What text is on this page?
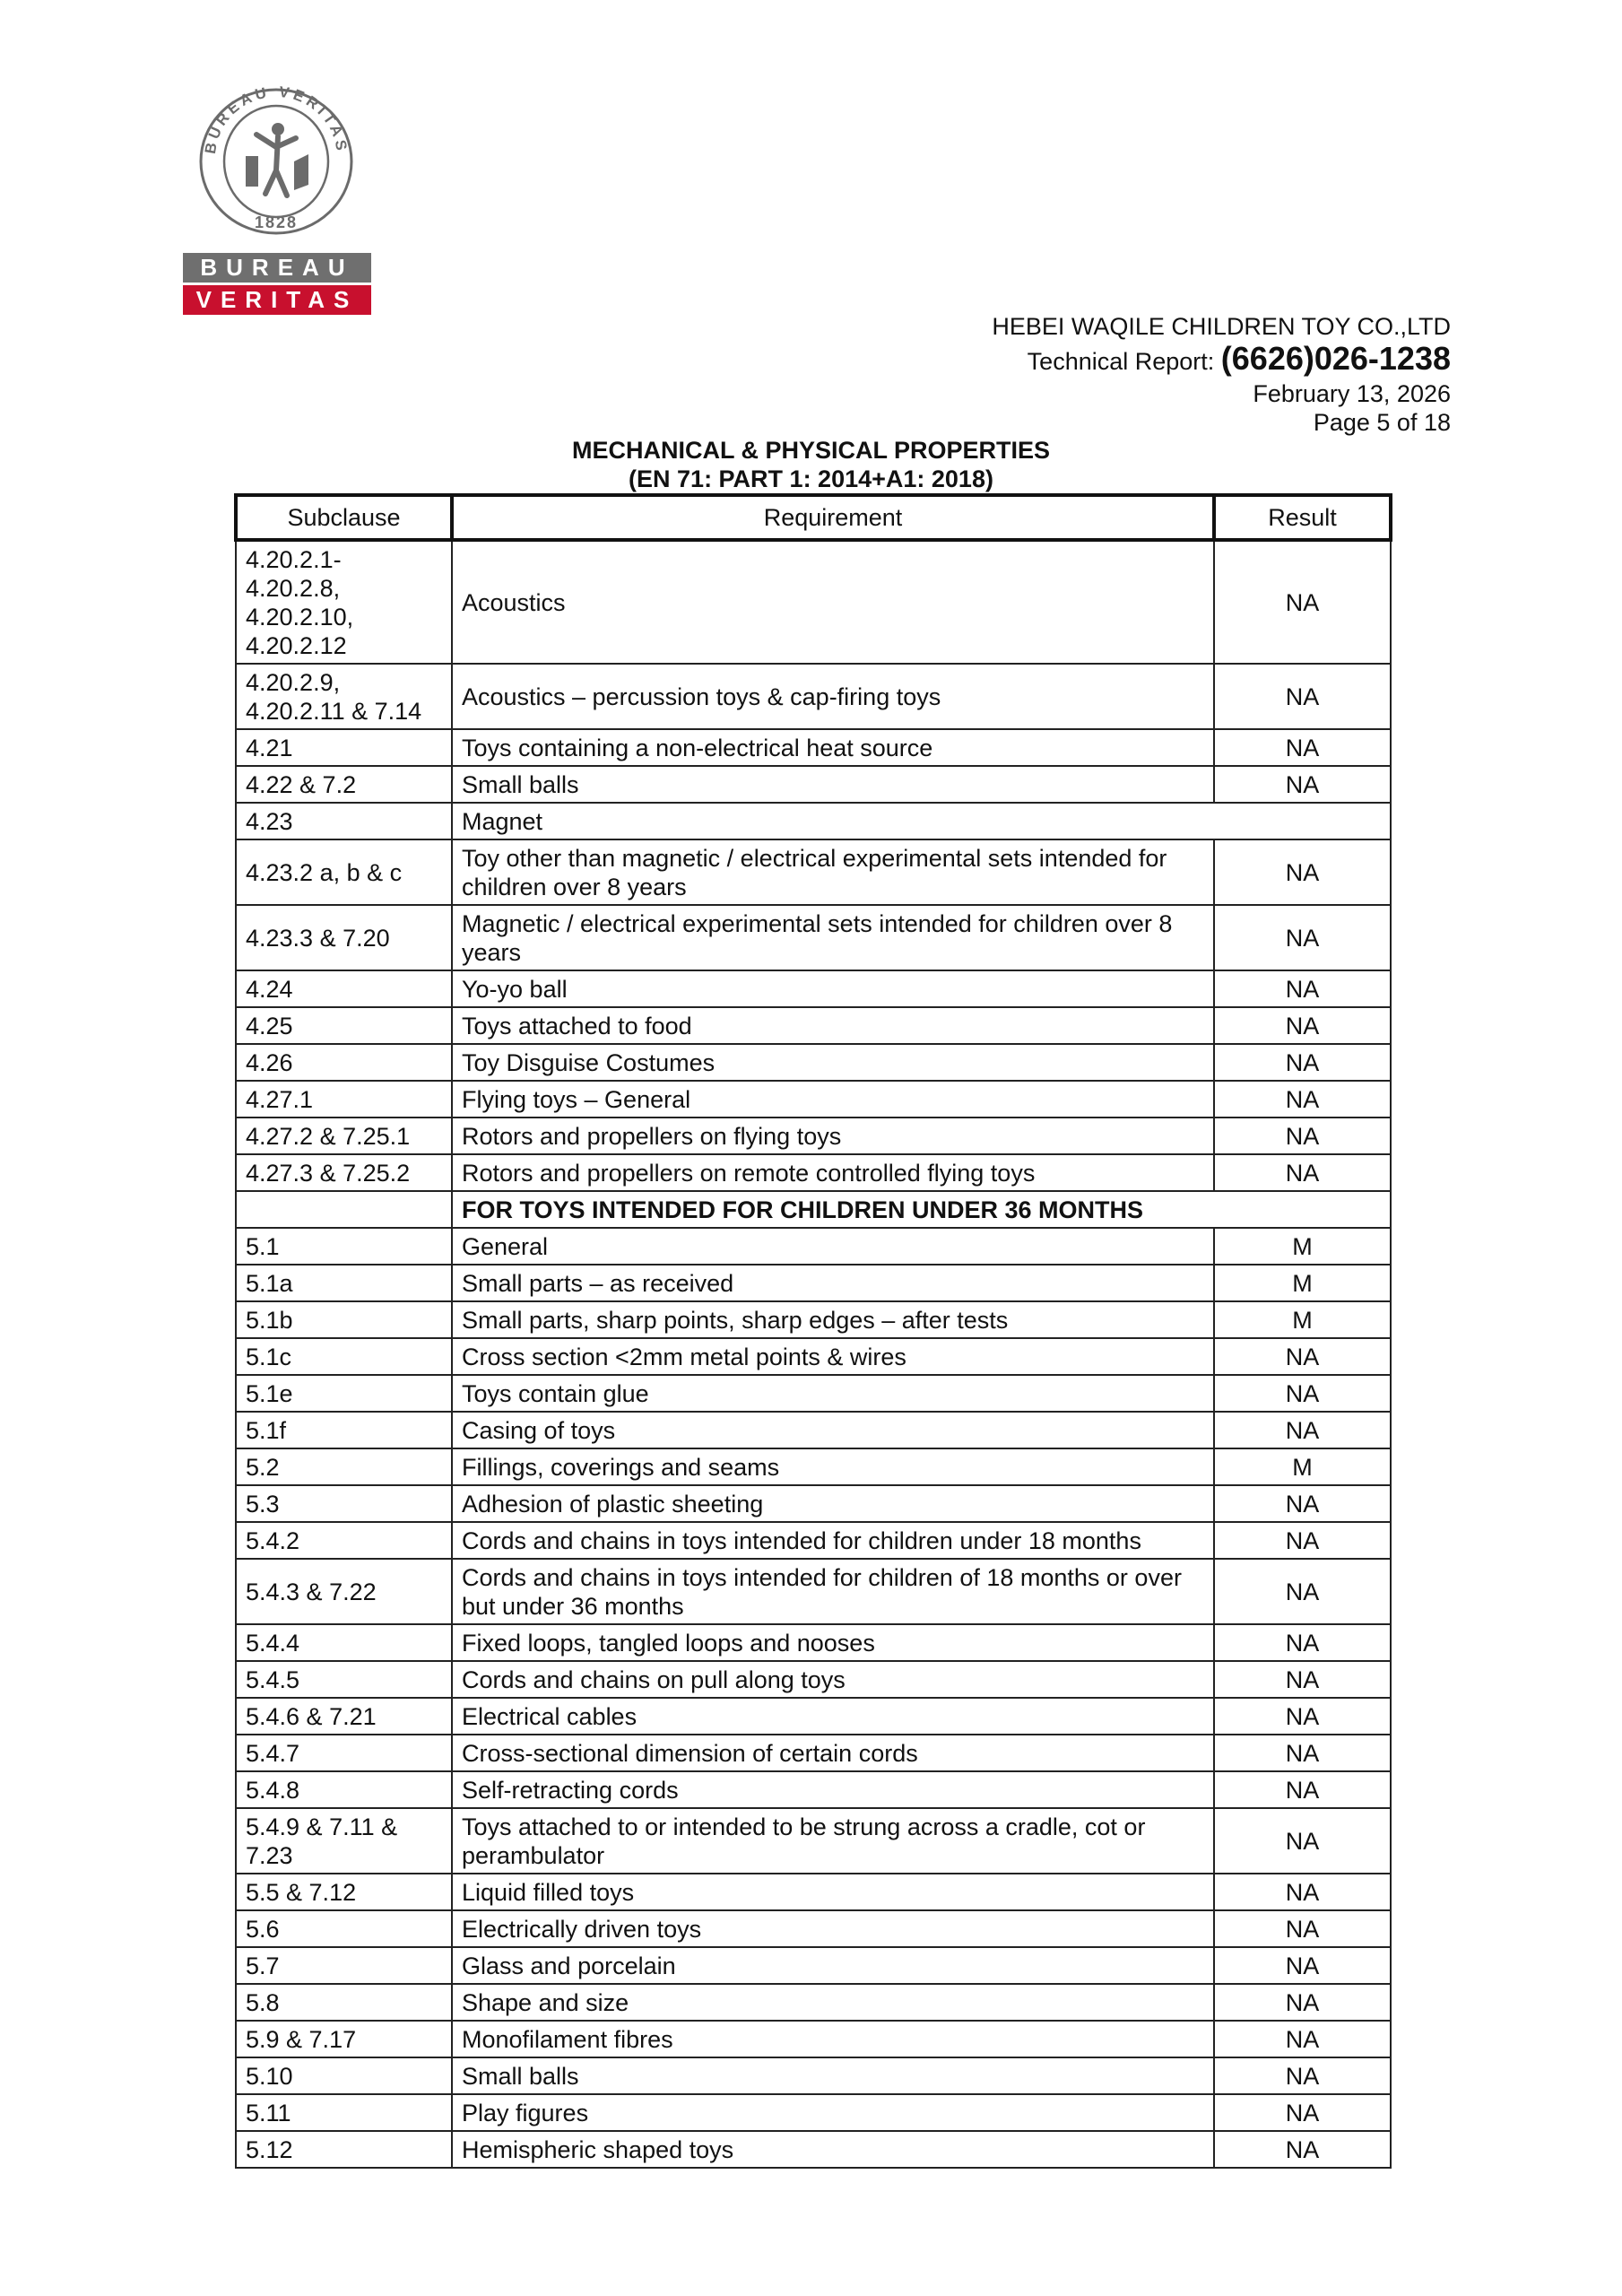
BUREAU VERITAS
1828
BUREAU
VERITAS
HEBEI WAQILE CHILDREN TOY CO.,LTD
Technical Report: (6626)026-1238
February 13, 2026
Page 5 of 18
MECHANICAL & PHYSICAL PROPERTIES
(EN 71: PART 1: 2014+A1: 2018)
Subclause	Requirement	Result
4.20.2.1-
4.20.2.8,
4.20.2.10,
4.20.2.12	Acoustics	NA
4.20.2.9,
4.20.2.11 & 7.14	Acoustics – percussion toys & cap-firing toys	NA
4.21	Toys containing a non-electrical heat source	NA
4.22 & 7.2	Small balls	NA
4.23	Magnet	
4.23.2 a, b & c	Toy other than magnetic / electrical experimental sets intended for children over 8 years	NA
4.23.3 & 7.20	Magnetic / electrical experimental sets intended for children over 8 years	NA
4.24	Yo-yo ball	NA
4.25	Toys attached to food	NA
4.26	Toy Disguise Costumes	NA
4.27.1	Flying toys – General	NA
4.27.2 & 7.25.1	Rotors and propellers on flying toys	NA
4.27.3 & 7.25.2	Rotors and propellers on remote controlled flying toys	NA
	FOR TOYS INTENDED FOR CHILDREN UNDER 36 MONTHS	
5.1	General	M
5.1a	Small parts – as received	M
5.1b	Small parts, sharp points, sharp edges – after tests	M
5.1c	Cross section <2mm metal points & wires	NA
5.1e	Toys contain glue	NA
5.1f	Casing of toys	NA
5.2	Fillings, coverings and seams	M
5.3	Adhesion of plastic sheeting	NA
5.4.2	Cords and chains in toys intended for children under 18 months	NA
5.4.3 & 7.22	Cords and chains in toys intended for children of 18 months or over but under 36 months	NA
5.4.4	Fixed loops, tangled loops and nooses	NA
5.4.5	Cords and chains on pull along toys	NA
5.4.6 & 7.21	Electrical cables	NA
5.4.7	Cross-sectional dimension of certain cords	NA
5.4.8	Self-retracting cords	NA
5.4.9 & 7.11 &
7.23	Toys attached to or intended to be strung across a cradle, cot or perambulator	NA
5.5 & 7.12	Liquid filled toys	NA
5.6	Electrically driven toys	NA
5.7	Glass and porcelain	NA
5.8	Shape and size	NA
5.9 & 7.17	Monofilament fibres	NA
5.10	Small balls	NA
5.11	Play figures	NA
5.12	Hemispheric shaped toys	NA
